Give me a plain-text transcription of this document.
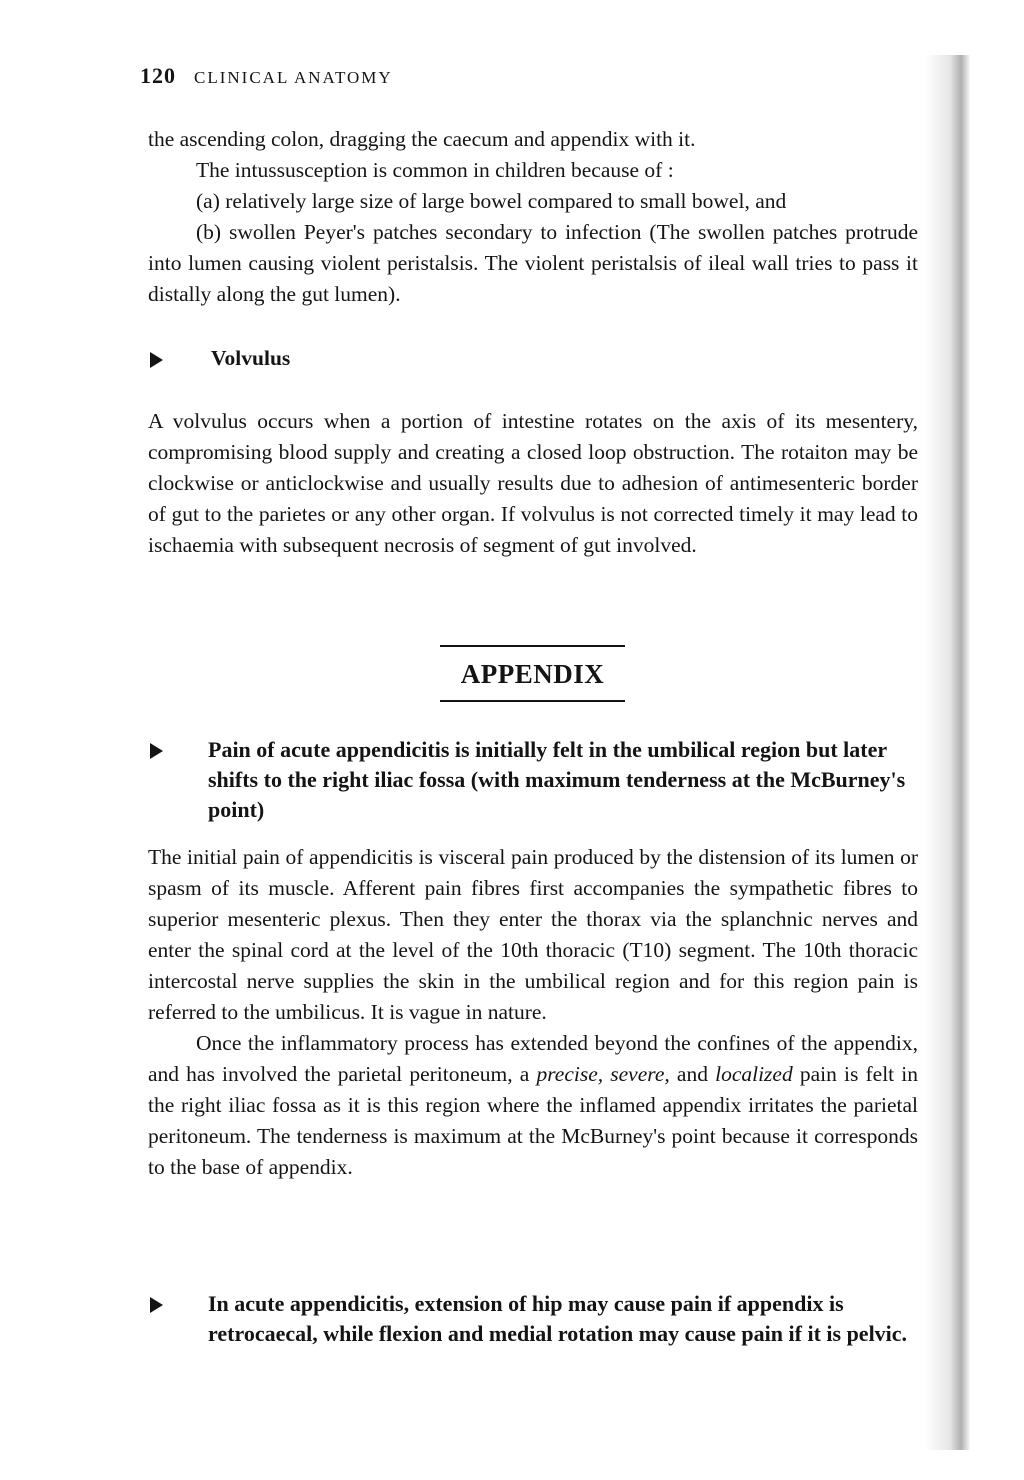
120 CLINICAL ANATOMY

the ascending colon, dragging the caecum and appendix with it.

The intussusception is common in children because of :

(a) relatively large size of large bowel compared to small bowel, and

(b) swollen Peyer's patches secondary to infection (The swollen patches protrude into lumen causing violent peristalsis. The violent peristalsis of ileal wall tries to pass it distally along the gut lumen).

Volvulus

A volvulus occurs when a portion of intestine rotates on the axis of its mesentery, compromising blood supply and creating a closed loop obstruction. The rotaiton may be clockwise or anticlockwise and usually results due to adhesion of antimesenteric border of gut to the parietes or any other organ. If volvulus is not corrected timely it may lead to ischaemia with subsequent necrosis of segment of gut involved.

APPENDIX
Pain of acute appendicitis is initially felt in the umbilical region but later shifts to the right iliac fossa (with maximum tenderness at the McBurney's point)

The initial pain of appendicitis is visceral pain produced by the distension of its lumen or spasm of its muscle. Afferent pain fibres first accompanies the sympathetic fibres to superior mesenteric plexus. Then they enter the thorax via the splanchnic nerves and enter the spinal cord at the level of the 10th thoracic (T10) segment. The 10th thoracic intercostal nerve supplies the skin in the umbilical region and for this region pain is referred to the umbilicus. It is vague in nature.

Once the inflammatory process has extended beyond the confines of the appendix, and has involved the parietal peritoneum, a precise, severe, and localized pain is felt in the right iliac fossa as it is this region where the inflamed appendix irritates the parietal peritoneum. The tenderness is maximum at the McBurney's point because it corresponds to the base of appendix.

In acute appendicitis, extension of hip may cause pain if appendix is retrocaecal, while flexion and medial rotation may cause pain if it is pelvic.
